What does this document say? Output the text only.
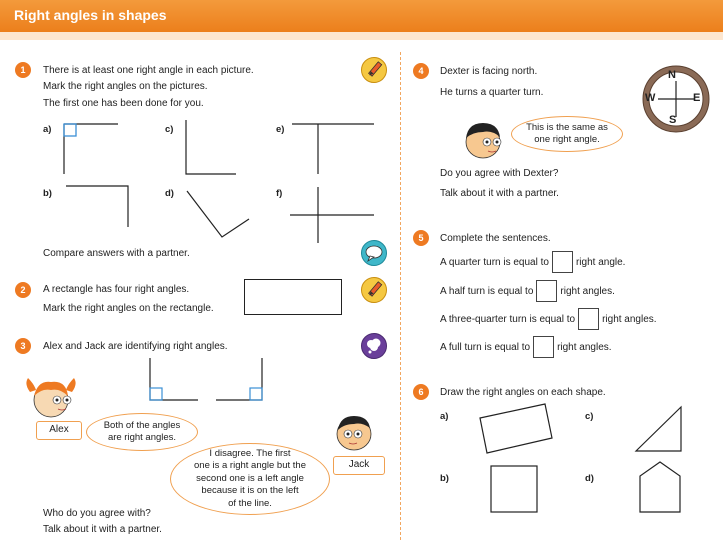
Right angles in shapes
1	There is at least one right angle in each picture.
Mark the right angles on the pictures.
The first one has been done for you.
a)	c)	e)
b)	d)	f)
Compare answers with a partner.
2	A rectangle has four right angles.
Mark the right angles on the rectangle.
3	Alex and Jack are identifying right angles.
Alex	Both of the angles
are right angles.
Jack
I disagree. The first
one is a right angle but the
second one is a left angle
because it is on the left
of the line.
Who do you agree with?
Talk about it with a partner.
4	Dexter is facing north.
He turns a quarter turn.
N
E
S
W
This is the same as
one right angle.
Do you agree with Dexter?
Talk about it with a partner.
5	Complete the sentences.
A quarter turn is equal to	right angle.
A half turn is equal to	right angles.
A three-quarter turn is equal to	right angles.
A full turn is equal to	right angles.
6	Draw the right angles on each shape.
a)	c)
b)	d)
